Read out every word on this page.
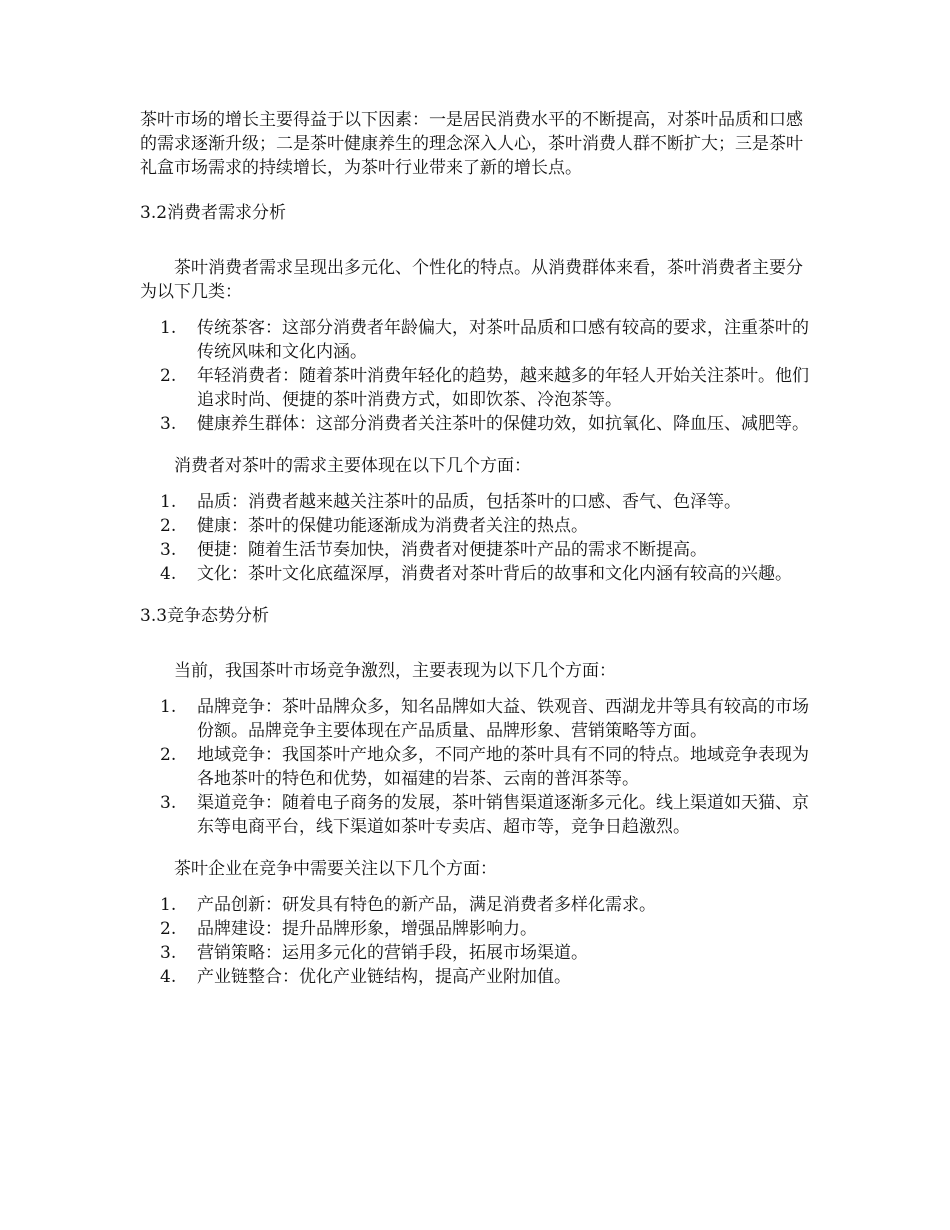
茶叶市场的增长主要得益于以下因素：一是居民消费水平的不断提高，对茶叶品质和口感的需求逐渐升级；二是茶叶健康养生的理念深入人心，茶叶消费人群不断扩大；三是茶叶礼盒市场需求的持续增长，为茶叶行业带来了新的增长点。

3.2消费者需求分析

茶叶消费者需求呈现出多元化、个性化的特点。从消费群体来看，茶叶消费者主要分为以下几类：

1. 传统茶客：这部分消费者年龄偏大，对茶叶品质和口感有较高的要求，注重茶叶的传统风味和文化内涵。
2. 年轻消费者：随着茶叶消费年轻化的趋势，越来越多的年轻人开始关注茶叶。他们追求时尚、便捷的茶叶消费方式，如即饮茶、冷泡茶等。
3. 健康养生群体：这部分消费者关注茶叶的保健功效，如抗氧化、降血压、减肥等。

消费者对茶叶的需求主要体现在以下几个方面：

1. 品质：消费者越来越关注茶叶的品质，包括茶叶的口感、香气、色泽等。
2. 健康：茶叶的保健功能逐渐成为消费者关注的热点。
3. 便捷：随着生活节奏加快，消费者对便捷茶叶产品的需求不断提高。
4. 文化：茶叶文化底蕴深厚，消费者对茶叶背后的故事和文化内涵有较高的兴趣。

3.3竞争态势分析

当前，我国茶叶市场竞争激烈，主要表现为以下几个方面：

1. 品牌竞争：茶叶品牌众多，知名品牌如大益、铁观音、西湖龙井等具有较高的市场份额。品牌竞争主要体现在产品质量、品牌形象、营销策略等方面。
2. 地域竞争：我国茶叶产地众多，不同产地的茶叶具有不同的特点。地域竞争表现为各地茶叶的特色和优势，如福建的岩茶、云南的普洱茶等。
3. 渠道竞争：随着电子商务的发展，茶叶销售渠道逐渐多元化。线上渠道如天猫、京东等电商平台，线下渠道如茶叶专卖店、超市等，竞争日趋激烈。

茶叶企业在竞争中需要关注以下几个方面：

1. 产品创新：研发具有特色的新产品，满足消费者多样化需求。
2. 品牌建设：提升品牌形象，增强品牌影响力。
3. 营销策略：运用多元化的营销手段，拓展市场渠道。
4. 产业链整合：优化产业链结构，提高产业附加值。
